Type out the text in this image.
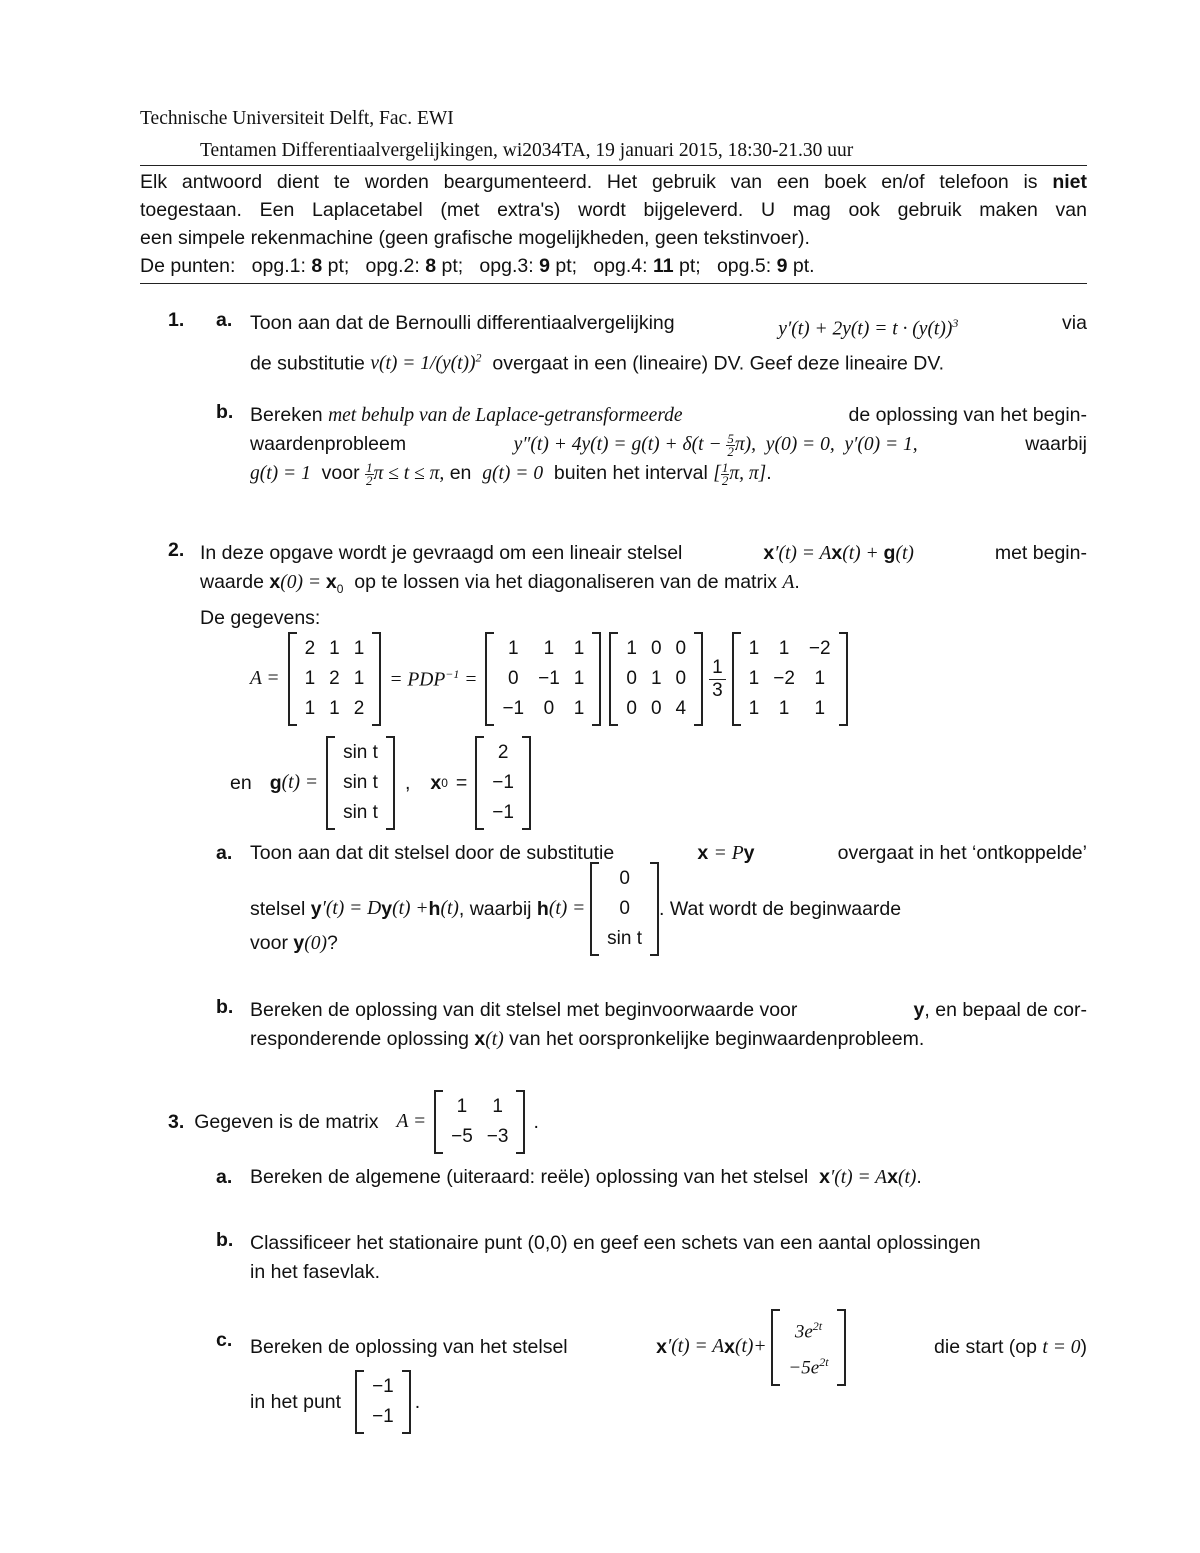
Technische Universiteit Delft, Fac. EWI
Tentamen Differentiaalvergelijkingen, wi2034TA, 19 januari 2015, 18:30-21.30 uur
Elk antwoord dient te worden beargumenteerd. Het gebruik van een boek en/of telefoon is niet
toegestaan. Een Laplacetabel (met extra's) wordt bijgeleverd. U mag ook gebruik maken van
een simpele rekenmachine (geen grafische mogelijkheden, geen tekstinvoer).
De punten: opg.1: 8 pt; opg.2: 8 pt; opg.3: 9 pt; opg.4: 11 pt; opg.5: 9 pt.
1. a. Toon aan dat de Bernoulli differentiaalvergelijking	$y'(t) + 2y(t) = t \cdot (y(t))^3$	via
de substitutie $v(t) = 1/(y(t))^2$ overgaat in een (lineaire) DV. Geef deze lineaire DV.
b. Bereken met behulp van de Laplace-getransformeerde	de oplossing van het begin-
waardenprobleem	$y''(t) + 4y(t) = g(t) + \delta(t - \frac{5}{2} \pi)$,  y(0) = 0,  y′(0) = 1,	waarbij
g(t) = 1 voor $\frac{1}{2}$ π ≤ t ≤ π, en g(t) = 0 buiten het interval [ $\frac{1}{2} \pi$, π].
2. In deze opgave wordt je gevraagd om een lineair stelsel	x′(t) = Ax(t) + g(t)	met begin-
waarde $x(0) = x_0$ op te lossen via het diagonaliseren van de matrix A.
De gegevens:
A =
2	1	1
1	2	1
1	1	2
= $PDP^{-1}$ =
1	1	1
0	−1	1
−1	0	1
1	0	0
0	1	0
0	0	4
1
3
1	1	−2
1	−2	1
1	1	1
en g (t) =
sin t
sin t
sin t
, x 0 =
2
−1
−1
a. Toon aan dat dit stelsel door de substitutie	x = Py	overgaat in het ‘ontkoppelde’
stelsel
y ′(t) = D y (t) + h (t) , waarbij
h (t) =
0
0
sin t
. Wat wordt de beginwaarde
voor y(0)?
b. Bereken de oplossing van dit stelsel met beginvoorwaarde voor	y, en bepaal de cor-
responderende oplossing x(t) van het oorspronkelijke beginwaardenprobleem.
3. Gegeven is de matrix A =
1	1
−5	−3
.
a. Bereken de algemene (uiteraard: reële) oplossing van het stelsel x′(t) = Ax(t).
b. Classificeer het stationaire punt (0,0) en geef een schets van een aantal oplossingen
in het fasevlak.
c. Bereken de oplossing van het stelsel	x ′(t) = A x (t)+
$3e^{2t}$
$-5e^{2t}$
die start (op t = 0)
in het punt
−1
−1
.
